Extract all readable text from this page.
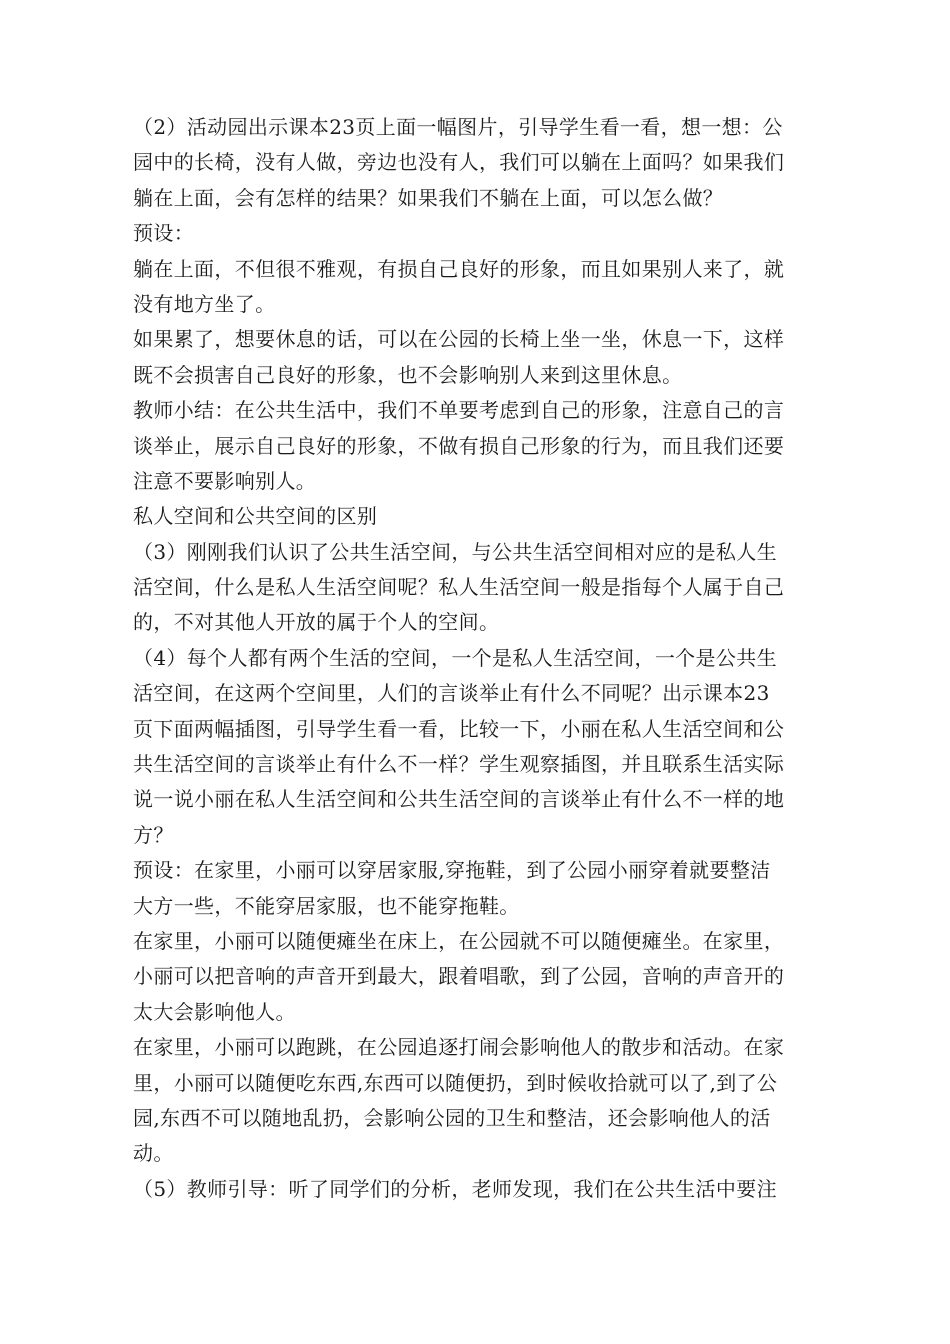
（2）活动园出示课本23页上面一幅图片，引导学生看一看，想一想：公
园中的长椅，没有人做，旁边也没有人，我们可以躺在上面吗？如果我们
躺在上面，会有怎样的结果？如果我们不躺在上面，可以怎么做？
预设：
躺在上面，不但很不雅观，有损自己良好的形象，而且如果别人来了，就
没有地方坐了。
如果累了，想要休息的话，可以在公园的长椅上坐一坐，休息一下，这样
既不会损害自己良好的形象，也不会影响别人来到这里休息。
教师小结：在公共生活中，我们不单要考虑到自己的形象，注意自己的言
谈举止，展示自己良好的形象，不做有损自己形象的行为，而且我们还要
注意不要影响别人。
私人空间和公共空间的区别
（3）刚刚我们认识了公共生活空间，与公共生活空间相对应的是私人生
活空间，什么是私人生活空间呢？私人生活空间一般是指每个人属于自己
的，不对其他人开放的属于个人的空间。
（4）每个人都有两个生活的空间，一个是私人生活空间，一个是公共生
活空间，在这两个空间里，人们的言谈举止有什么不同呢？出示课本23
页下面两幅插图，引导学生看一看，比较一下，小丽在私人生活空间和公
共生活空间的言谈举止有什么不一样？学生观察插图，并且联系生活实际
说一说小丽在私人生活空间和公共生活空间的言谈举止有什么不一样的地
方？
预设：在家里，小丽可以穿居家服,穿拖鞋，到了公园小丽穿着就要整洁
大方一些，不能穿居家服，也不能穿拖鞋。
在家里，小丽可以随便瘫坐在床上，在公园就不可以随便瘫坐。在家里，
小丽可以把音响的声音开到最大，跟着唱歌，到了公园，音响的声音开的
太大会影响他人。
在家里，小丽可以跑跳，在公园追逐打闹会影响他人的散步和活动。在家
里，小丽可以随便吃东西,东西可以随便扔，到时候收拾就可以了,到了公
园,东西不可以随地乱扔，会影响公园的卫生和整洁，还会影响他人的活
动。
（5）教师引导：听了同学们的分析，老师发现，我们在公共生活中要注
